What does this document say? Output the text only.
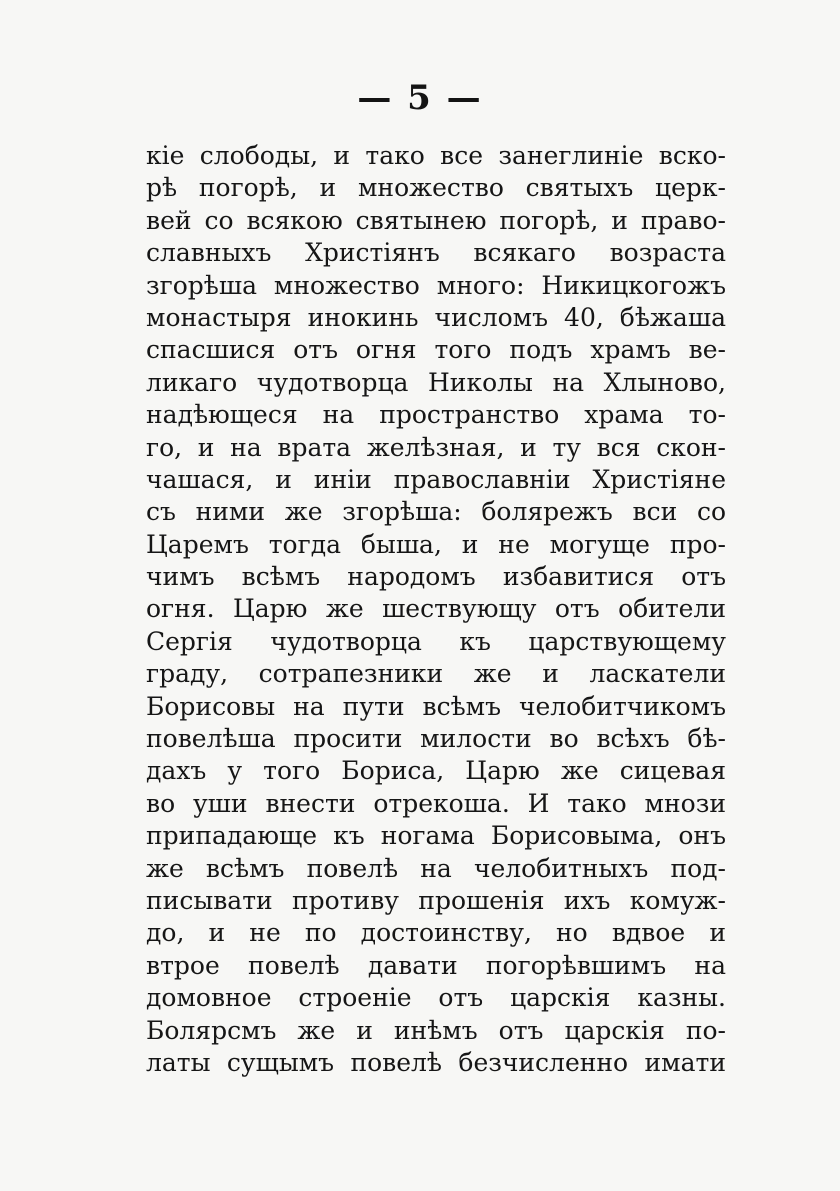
— 5 —
кіе слободы, и тако все занеглиніе вско-
рѣ погорѣ, и множество святыхъ церк-
вей со всякою святынею погорѣ, и право-
славныхъ Христіянъ всякаго возраста
згорѣша множество много: Никицкогожъ
монастыря инокинь числомъ 40, бѣжаша
спасшися отъ огня того подъ храмъ ве-
ликаго чудотворца Николы на Хлыново,
надѣющеся на пространство храма то-
го, и на врата желѣзная, и ту вся скон-
чашася, и иніи православніи Христіяне
съ ними же згорѣша: болярежъ вси со
Царемъ тогда быша, и не могуще про-
чимъ всѣмъ народомъ избавитися отъ
огня. Царю же шествующу отъ обители
Сергія чудотворца къ царствующему
граду, сотрапезники же и ласкатели
Борисовы на пути всѣмъ челобитчикомъ
повелѣша просити милости во всѣхъ бѣ-
дахъ у того Бориса, Царю же сицевая
во уши внести отрекоша. И тако мнози
припадающе къ ногама Борисовыма, онъ
же всѣмъ повелѣ на челобитныхъ под-
писывати противу прошенія ихъ комуж-
до, и не по достоинству, но вдвое и
втрое повелѣ давати погорѣвшимъ на
домовное строеніе отъ царскія казны.
Болярсмъ же и инѣмъ отъ царскія по-
латы сущымъ повелѣ безчисленно имати
